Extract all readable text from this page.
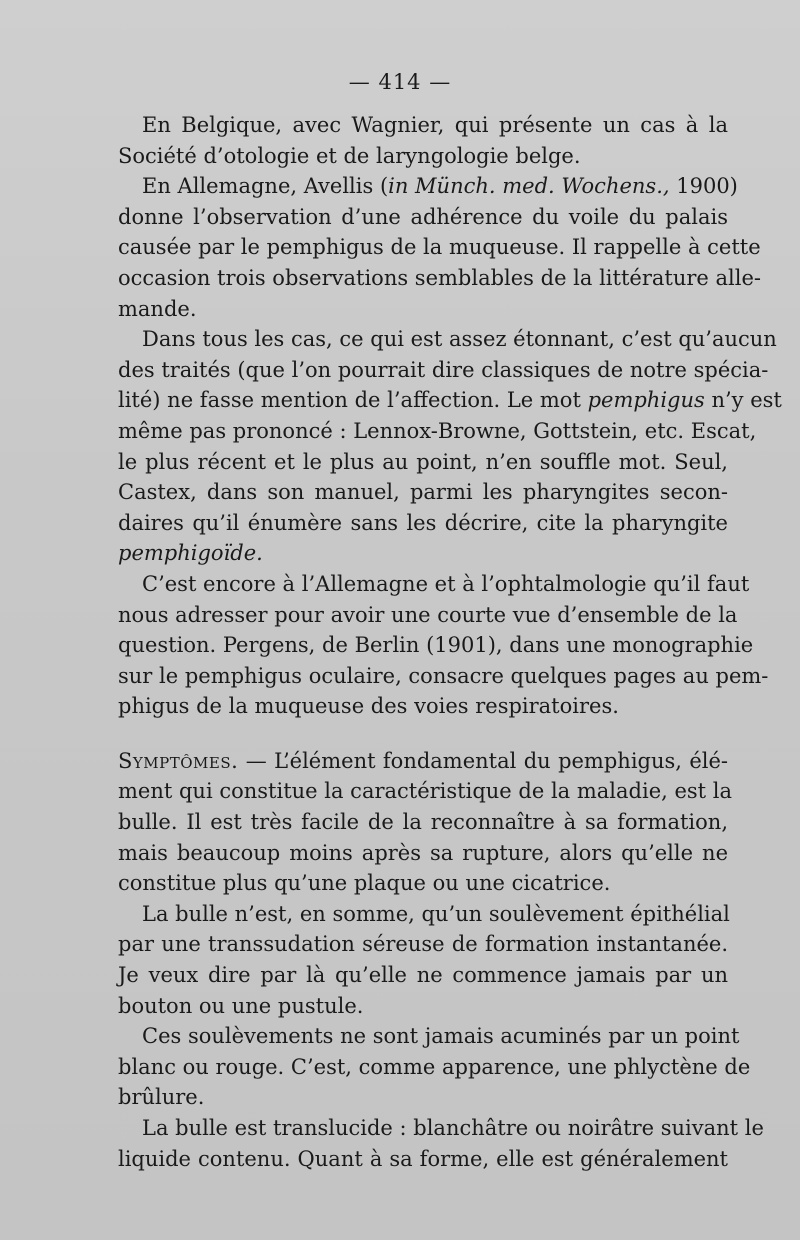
— 414 —
En Belgique, avec Wagnier, qui présente un cas à la
Société d’otologie et de laryngologie belge.
En Allemagne, Avellis (in Münch. med. Wochens., 1900)
donne l’observation d’une adhérence du voile du palais
causée par le pemphigus de la muqueuse. Il rappelle à cette
occasion trois observations semblables de la littérature alle-
mande.
Dans tous les cas, ce qui est assez étonnant, c’est qu’aucun
des traités (que l’on pourrait dire classiques de notre spécia-
lité) ne fasse mention de l’affection. Le mot pemphigus n’y est
même pas prononcé : Lennox-Browne, Gottstein, etc. Escat,
le plus récent et le plus au point, n’en souffle mot. Seul,
Castex, dans son manuel, parmi les pharyngites secon-
daires qu’il énumère sans les décrire, cite la pharyngite
pemphigoïde.
C’est encore à l’Allemagne et à l’ophtalmologie qu’il faut
nous adresser pour avoir une courte vue d’ensemble de la
question. Pergens, de Berlin (1901), dans une monographie
sur le pemphigus oculaire, consacre quelques pages au pem-
phigus de la muqueuse des voies respiratoires.
Symptômes. — L’élément fondamental du pemphigus, élé-
ment qui constitue la caractéristique de la maladie, est la
bulle. Il est très facile de la reconnaître à sa formation,
mais beaucoup moins après sa rupture, alors qu’elle ne
constitue plus qu’une plaque ou une cicatrice.
La bulle n’est, en somme, qu’un soulèvement épithélial
par une transsudation séreuse de formation instantanée.
Je veux dire par là qu’elle ne commence jamais par un
bouton ou une pustule.
Ces soulèvements ne sont jamais acuminés par un point
blanc ou rouge. C’est, comme apparence, une phlyctène de
brûlure.
La bulle est translucide : blanchâtre ou noirâtre suivant le
liquide contenu. Quant à sa forme, elle est généralement
